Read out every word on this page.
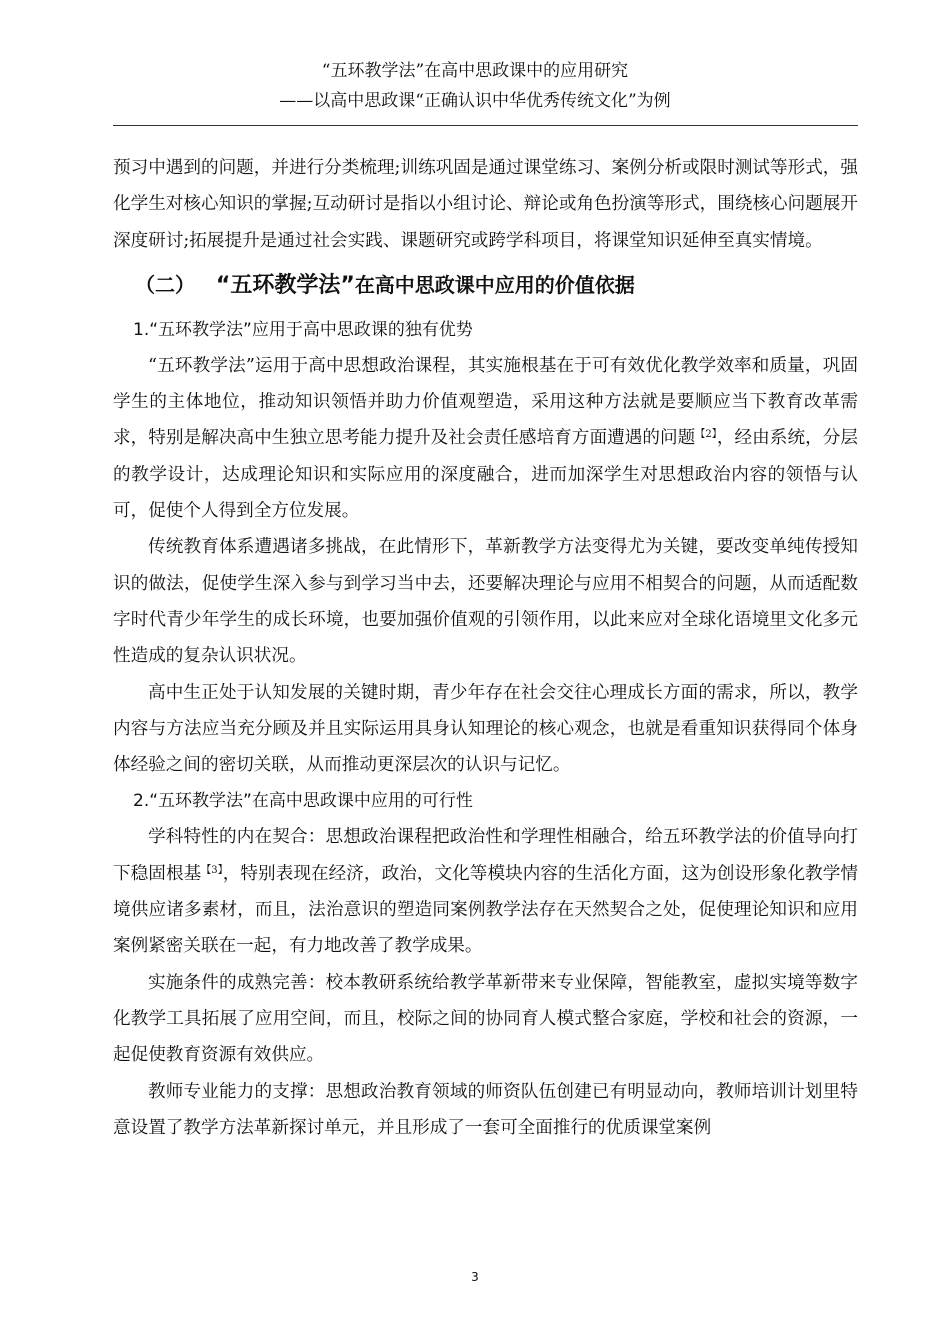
“五环教学法”在高中思政课中的应用研究
——以高中思政课“正确认识中华优秀传统文化”为例

预习中遇到的问题，并进行分类梳理;训练巩固是通过课堂练习、案例分析或限时测试等形式，强化学生对核心知识的掌握;互动研讨是指以小组讨论、辩论或角色扮演等形式，围绕核心问题展开深度研讨;拓展提升是通过社会实践、课题研究或跨学科项目，将课堂知识延伸至真实情境。

（二） “五环教学法”在高中思政课中应用的价值依据
1.“五环教学法”应用于高中思政课的独有优势

“五环教学法”运用于高中思想政治课程，其实施根基在于可有效优化教学效率和质量，巩固学生的主体地位，推动知识领悟并助力价值观塑造，采用这种方法就是要顺应当下教育改革需求，特别是解决高中生独立思考能力提升及社会责任感培育方面遭遇的问题$^{【2】}$，经由系统，分层的教学设计，达成理论知识和实际应用的深度融合，进而加深学生对思想政治内容的领悟与认可，促使个人得到全方位发展。

传统教育体系遭遇诸多挑战，在此情形下，革新教学方法变得尤为关键，要改变单纯传授知识的做法，促使学生深入参与到学习当中去，还要解决理论与应用不相契合的问题，从而适配数字时代青少年学生的成长环境，也要加强价值观的引领作用，以此来应对全球化语境里文化多元性造成的复杂认识状况。

高中生正处于认知发展的关键时期，青少年存在社会交往心理成长方面的需求，所以，教学内容与方法应当充分顾及并且实际运用具身认知理论的核心观念，也就是看重知识获得同个体身体经验之间的密切关联，从而推动更深层次的认识与记忆。

2.“五环教学法”在高中思政课中应用的可行性

学科特性的内在契合：思想政治课程把政治性和学理性相融合，给五环教学法的价值导向打下稳固根基$^{【3】}$，特别表现在经济，政治，文化等模块内容的生活化方面，这为创设形象化教学情境供应诸多素材，而且，法治意识的塑造同案例教学法存在天然契合之处，促使理论知识和应用案例紧密关联在一起，有力地改善了教学成果。

实施条件的成熟完善：校本教研系统给教学革新带来专业保障，智能教室，虚拟实境等数字化教学工具拓展了应用空间，而且，校际之间的协同育人模式整合家庭，学校和社会的资源，一起促使教育资源有效供应。

教师专业能力的支撑：思想政治教育领域的师资队伍创建已有明显动向，教师培训计划里特意设置了教学方法革新探讨单元，并且形成了一套可全面推行的优质课堂案例

3
